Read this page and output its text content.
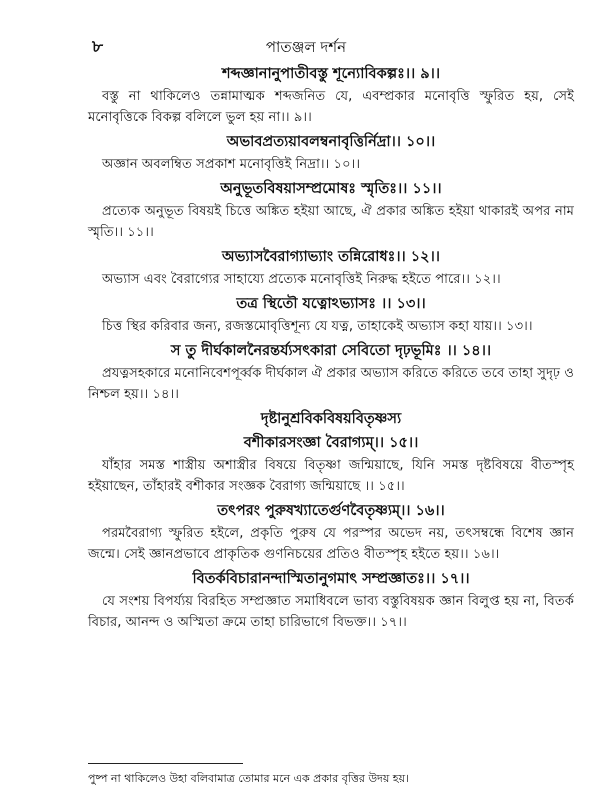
৮	পাতঞ্জল দর্শন
শব্দজ্ঞানানুপাতীবস্তু শূন্যোবিকল্পঃ।। ৯।।

বস্তু না থাকিলেও তন্নামাত্মক শব্দজনিত যে, এবম্প্রকার মনোবৃত্তি স্ফুরিত হয়, সেই মনোবৃত্তিকে বিকল্প বলিলে ভুল হয় না।। ৯।।

অভাবপ্রত্যয়াবলম্বনাবৃত্তির্নিদ্রা।। ১০।।

অজ্ঞান অবলম্বিত সপ্রকাশ মনোবৃত্তিই নিদ্রা।। ১০।।

অনুভূতবিষয়াসম্প্রমোষঃ স্মৃতিঃ।। ১১।।

প্রত্যেক অনুভূত বিষয়ই চিত্তে অঙ্কিত হইয়া আছে, ঐ প্রকার অঙ্কিত হইয়া থাকারই অপর নাম স্মৃতি।। ১১।।

অভ্যাসবৈরাগ্যাভ্যাং তন্নিরোধঃ।। ১২।।

অভ্যাস এবং বৈরাগ্যের সাহায্যে প্রত্যেক মনোবৃত্তিই নিরুদ্ধ হইতে পারে।। ১২।।

তত্র স্থিতৌ যত্নোঽভ্যাসঃ ।। ১৩।।

চিত্ত স্থির করিবার জন্য, রজস্তমোবৃত্তিশূন্য যে যত্ন, তাহাকেই অভ্যাস কহা যায়।। ১৩।।

স তু দীর্ঘকালনৈরন্তর্য্যসৎকারা সেবিতো দৃঢ়ভূমিঃ ।। ১৪।।

প্রযত্নসহকারে মনোনিবেশপূর্ব্বক দীর্ঘকাল ঐ প্রকার অভ্যাস করিতে করিতে তবে তাহা সুদৃঢ় ও নিশ্চল হয়।। ১৪।।

দৃষ্টানুশ্রবিকবিষয়বিতৃষ্ণস্য
বশীকারসংজ্ঞা বৈরাগ্যম্‌।। ১৫।।

যাঁহার সমস্ত শাস্ত্রীয় অশাস্ত্রীর বিষয়ে বিতৃষ্ণা জন্মিয়াছে, যিনি সমস্ত দৃষ্টবিষয়ে বীতস্পৃহ হইয়াছেন, তাঁহারই বশীকার সংজ্ঞক বৈরাগ্য জন্মিয়াছে ।। ১৫।।

তৎপরং পুরুষখ্যাতের্গুণবৈতৃষ্ণ্যম্‌।। ১৬।।

পরমবৈরাগ্য স্ফুরিত হইলে, প্রকৃতি পুরুষ যে পরস্পর অভেদ নয়, তৎসম্বন্ধে বিশেষ জ্ঞান জন্মে। সেই জ্ঞানপ্রভাবে প্রাকৃতিক গুণনিচয়ের প্রতিও বীতস্পৃহ হইতে হয়।। ১৬।।

বিতর্কবিচারানন্দাস্মিতানুগমাৎ সম্প্রজ্ঞাতঃ।। ১৭।।

যে সংশয় বিপর্য্যয় বিরহিত সম্প্রজ্ঞাত সমাধিবলে ভাব্য বস্তুবিষয়ক জ্ঞান বিলুপ্ত হয় না, বিতর্ক বিচার, আনন্দ ও অস্মিতা ক্রমে তাহা চারিভাগে বিভক্ত।। ১৭।।

পুষ্প না থাকিলেও উহা বলিবামাত্র তোমার মনে এক প্রকার বৃত্তির উদয় হয়।
